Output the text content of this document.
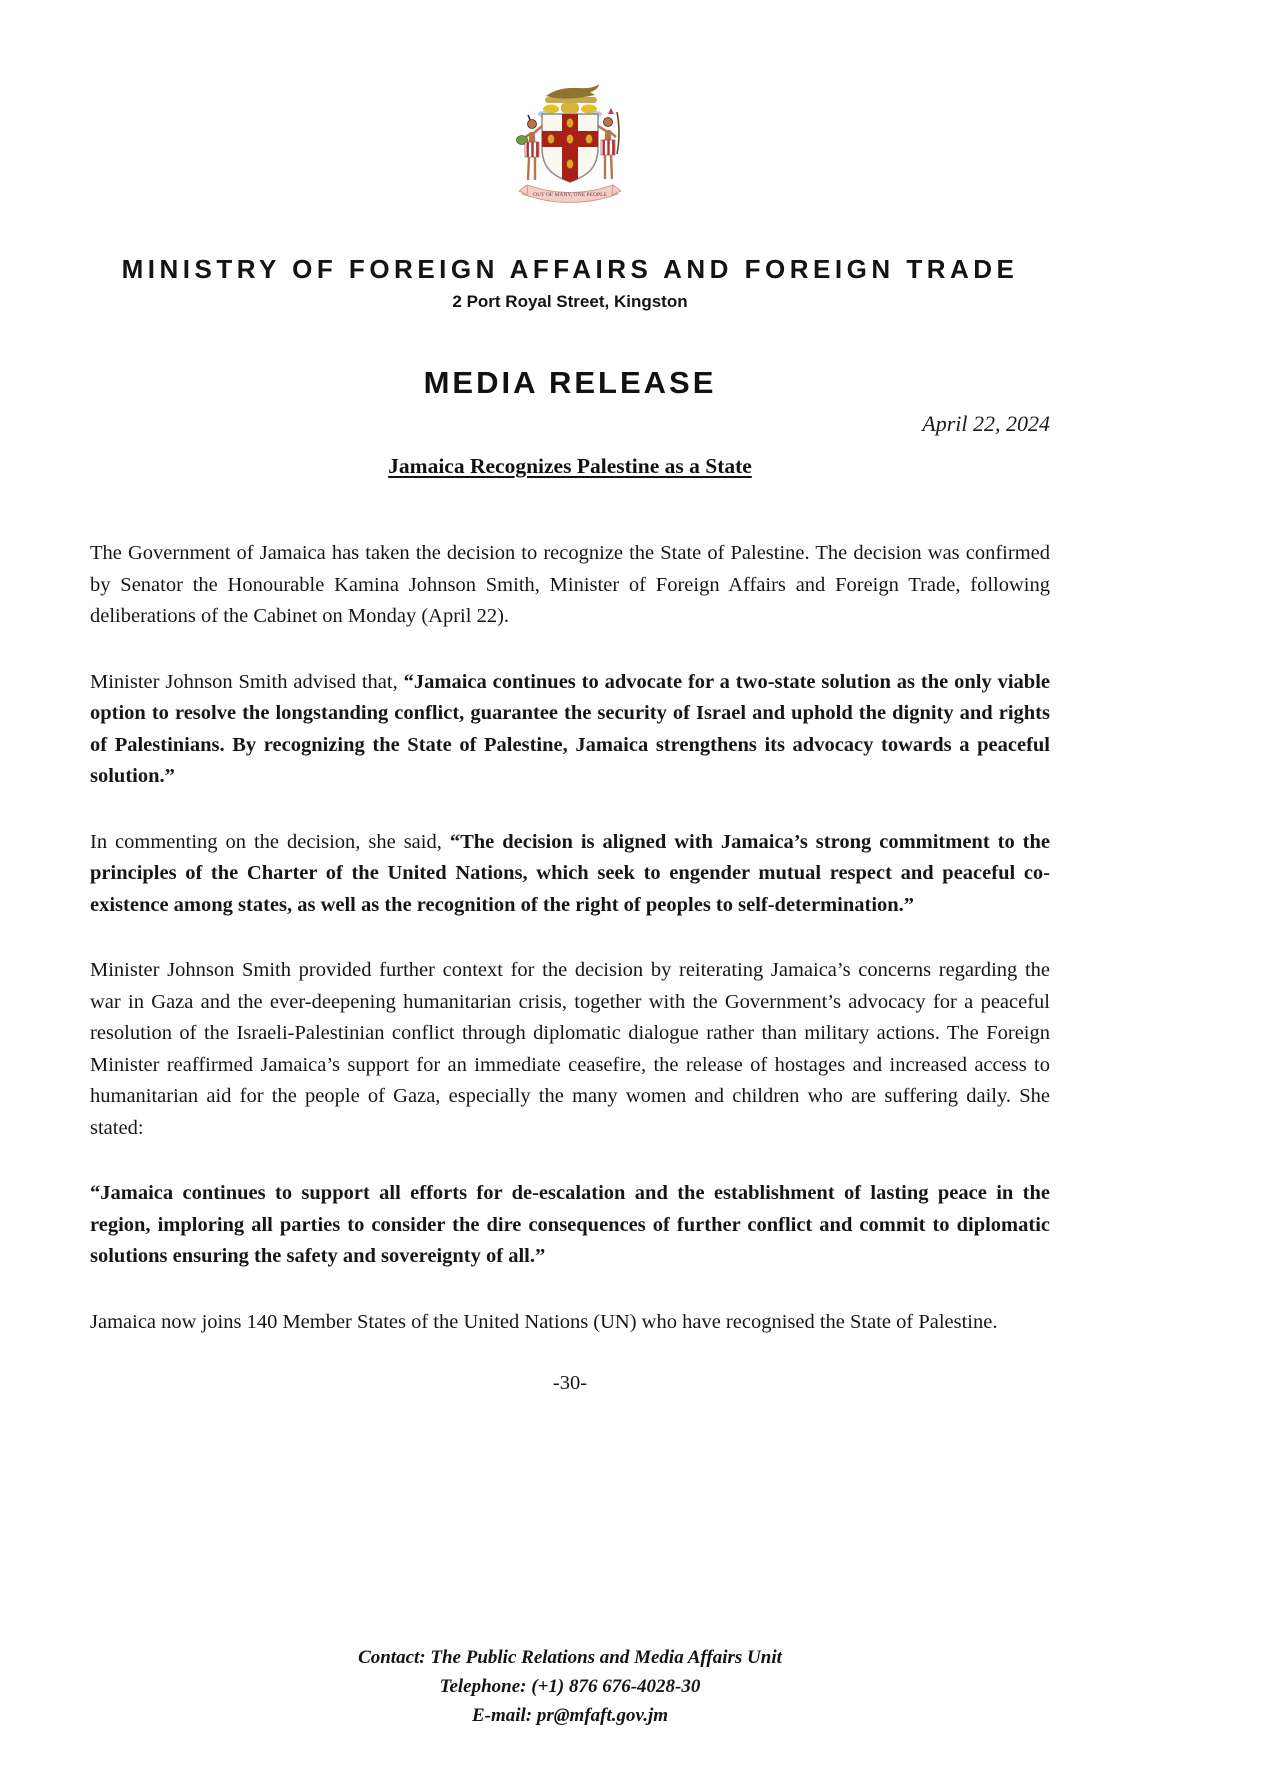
OUT OF MANY, ONE PEOPLE
MINISTRY OF FOREIGN AFFAIRS AND FOREIGN TRADE
2 Port Royal Street, Kingston
MEDIA RELEASE
April 22, 2024
Jamaica Recognizes Palestine as a State

The Government of Jamaica has taken the decision to recognize the State of Palestine. The decision was confirmed by Senator the Honourable Kamina Johnson Smith, Minister of Foreign Affairs and Foreign Trade, following deliberations of the Cabinet on Monday (April 22).

Minister Johnson Smith advised that, “Jamaica continues to advocate for a two-state solution as the only viable option to resolve the longstanding conflict, guarantee the security of Israel and uphold the dignity and rights of Palestinians. By recognizing the State of Palestine, Jamaica strengthens its advocacy towards a peaceful solution.”

In commenting on the decision, she said, “The decision is aligned with Jamaica’s strong commitment to the principles of the Charter of the United Nations, which seek to engender mutual respect and peaceful co-existence among states, as well as the recognition of the right of peoples to self-determination.”

Minister Johnson Smith provided further context for the decision by reiterating Jamaica’s concerns regarding the war in Gaza and the ever-deepening humanitarian crisis, together with the Government’s advocacy for a peaceful resolution of the Israeli-Palestinian conflict through diplomatic dialogue rather than military actions. The Foreign Minister reaffirmed Jamaica’s support for an immediate ceasefire, the release of hostages and increased access to humanitarian aid for the people of Gaza, especially the many women and children who are suffering daily. She stated:

“Jamaica continues to support all efforts for de-escalation and the establishment of lasting peace in the region, imploring all parties to consider the dire consequences of further conflict and commit to diplomatic solutions ensuring the safety and sovereignty of all.”

Jamaica now joins 140 Member States of the United Nations (UN) who have recognised the State of Palestine.

-30-
Contact: The Public Relations and Media Affairs Unit
Telephone: (+1) 876 676-4028-30
E-mail: pr@mfaft.gov.jm
